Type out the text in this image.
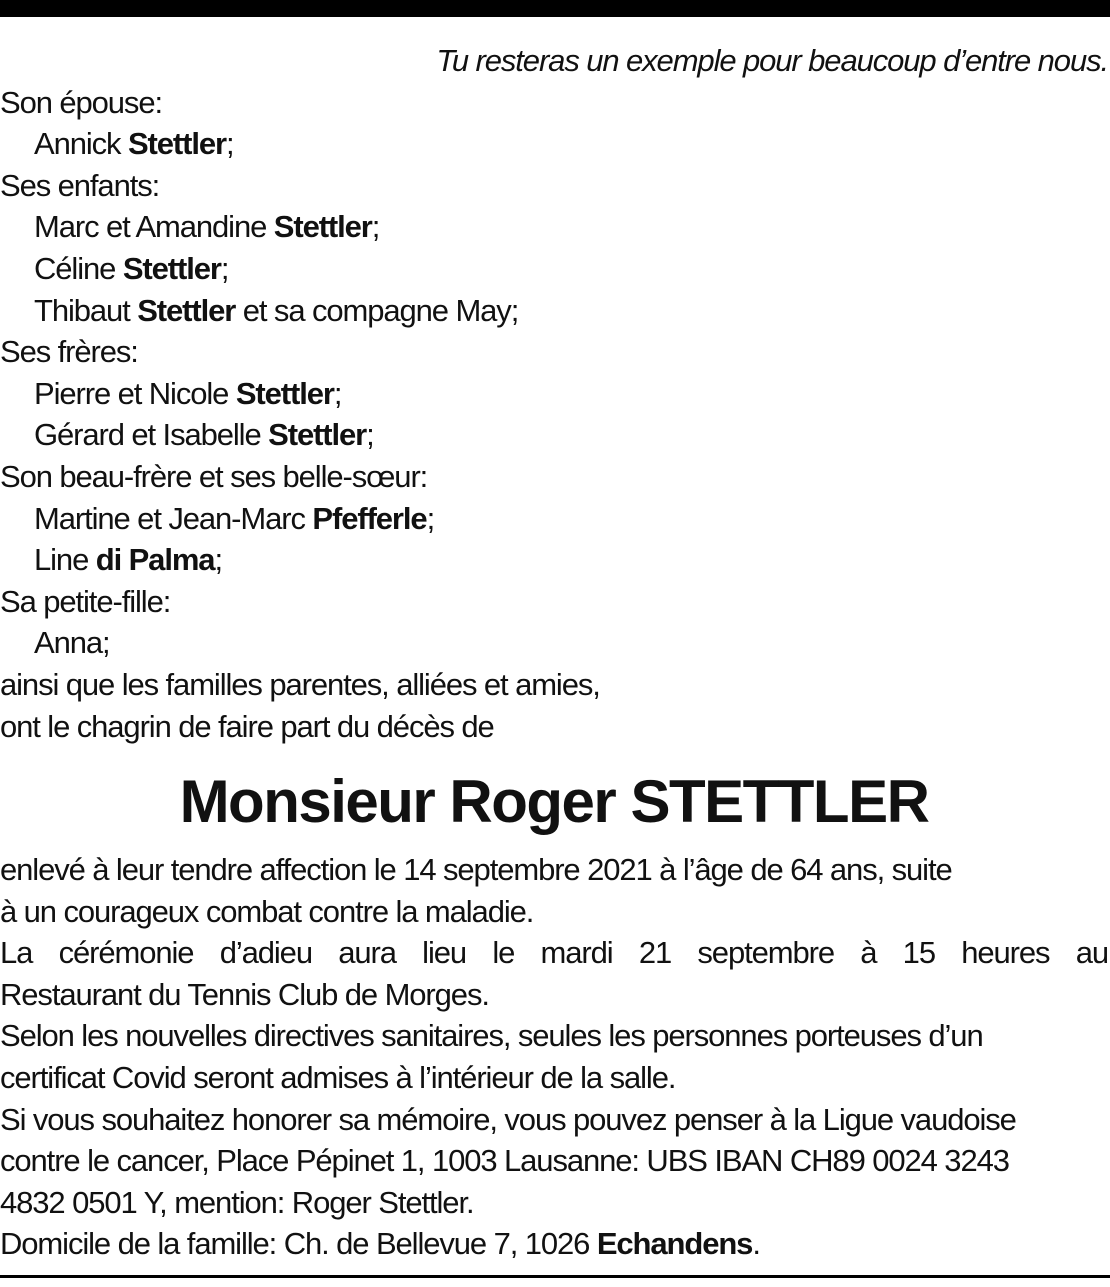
Tu resteras un exemple pour beaucoup d’entre nous.
Son épouse:
Annick Stettler;
Ses enfants:
Marc et Amandine Stettler;
Céline Stettler;
Thibaut Stettler et sa compagne May;
Ses frères:
Pierre et Nicole Stettler;
Gérard et Isabelle Stettler;
Son beau-frère et ses belle-sœur:
Martine et Jean-Marc Pfefferle;
Line di Palma;
Sa petite-fille:
Anna;
ainsi que les familles parentes, alliées et amies,
ont le chagrin de faire part du décès de
Monsieur Roger STETTLER
enlevé à leur tendre affection le 14 septembre 2021 à l’âge de 64 ans, suite
à un courageux combat contre la maladie.
La cérémonie d’adieu aura lieu le mardi 21 septembre à 15 heures au
Restaurant du Tennis Club de Morges.
Selon les nouvelles directives sanitaires, seules les personnes porteuses d’un
certificat Covid seront admises à l’intérieur de la salle.
Si vous souhaitez honorer sa mémoire, vous pouvez penser à la Ligue vaudoise
contre le cancer, Place Pépinet 1, 1003 Lausanne: UBS IBAN CH89 0024 3243
4832 0501 Y, mention: Roger Stettler.
Domicile de la famille: Ch. de Bellevue 7, 1026 Echandens.
